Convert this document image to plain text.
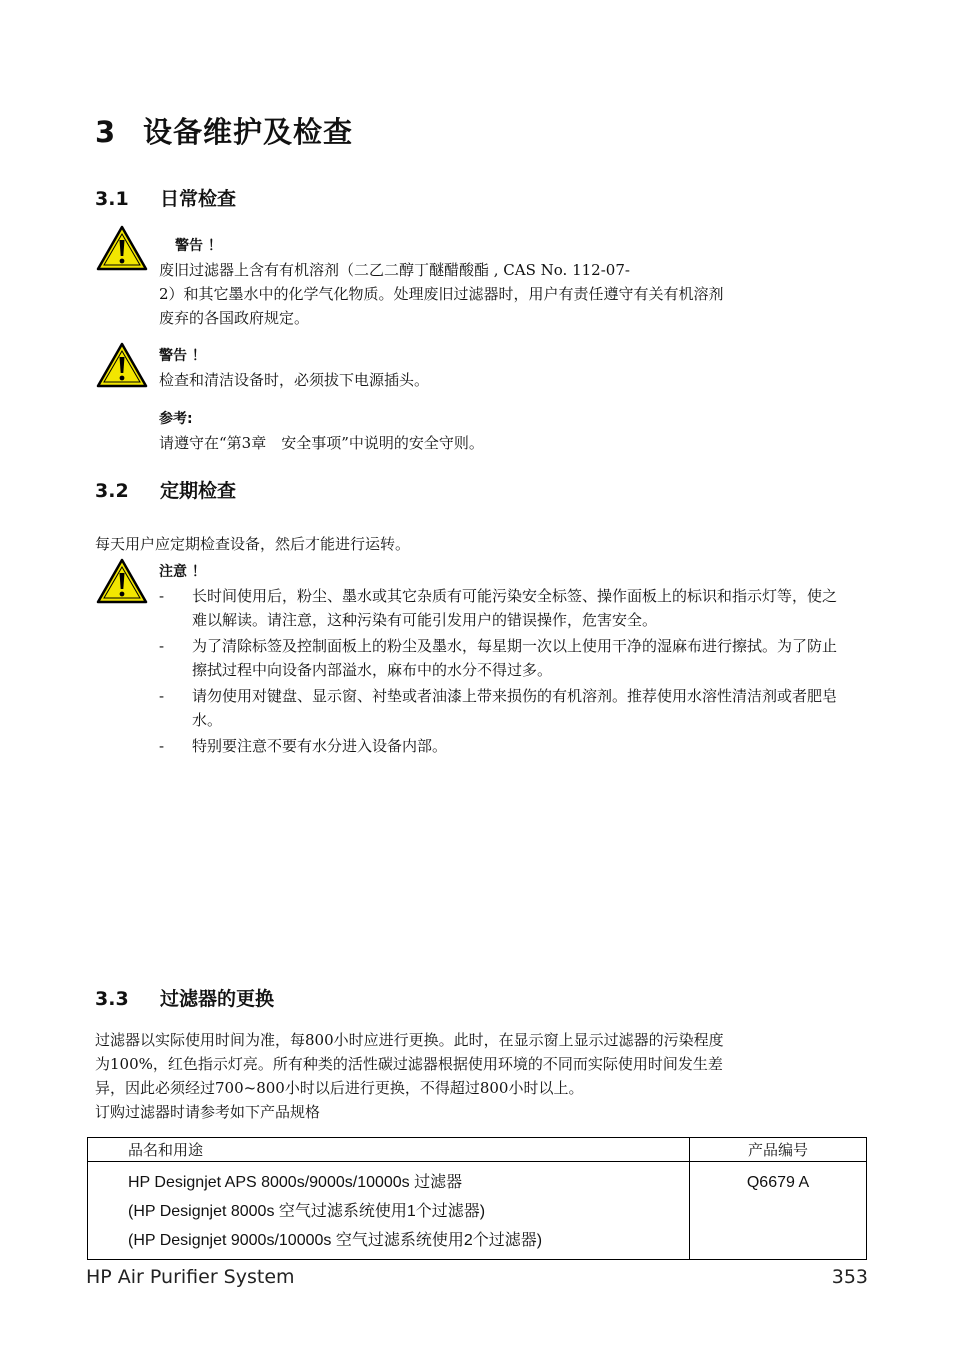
3 设备维护及检查
3.1 日常检查
警告 ！
废旧过滤器上含有有机溶剂（二乙二醇丁醚醋酸酯 , CAS No. 112-07-
2）和其它墨水中的化学气化物质。处理废旧过滤器时，用户有责任遵守有关有机溶剂
废弃的各国政府规定。
警告 ！
检查和清洁设备时，必须拔下电源插头。
参考:
请遵守在“第3章　安全事项”中说明的安全守则。
3.2 定期检查
每天用户应定期检查设备，然后才能进行运转。
注意 ！
- 长时间使用后，粉尘、墨水或其它杂质有可能污染安全标签、操作面板上的标识和指示灯等，使之难以解读。请注意，这种污染有可能引发用户的错误操作，危害安全。
- 为了清除标签及控制面板上的粉尘及墨水，每星期一次以上使用干净的湿麻布进行擦拭。为了防止擦拭过程中向设备内部溢水，麻布中的水分不得过多。
- 请勿使用对键盘、显示窗、衬垫或者油漆上带来损伤的有机溶剂。推荐使用水溶性清洁剂或者肥皂水。
- 特别要注意不要有水分进入设备内部。
3.3 过滤器的更换
过滤器以实际使用时间为准，每800小时应进行更换。此时，在显示窗上显示过滤器的污染程度
为100%，红色指示灯亮。所有种类的活性碳过滤器根据使用环境的不同而实际使用时间发生差
异，因此必须经过700~800小时以后进行更换，不得超过800小时以上。
订购过滤器时请参考如下产品规格
品名和用途	产品编号

HP Designjet APS 8000s/9000s/10000s 过滤器
(HP Designjet 8000s 空气过滤系统使用1个过滤器)
(HP Designjet 9000s/10000s 空气过滤系统使用2个过滤器)	Q6679 A
HP Air Purifier System	353
